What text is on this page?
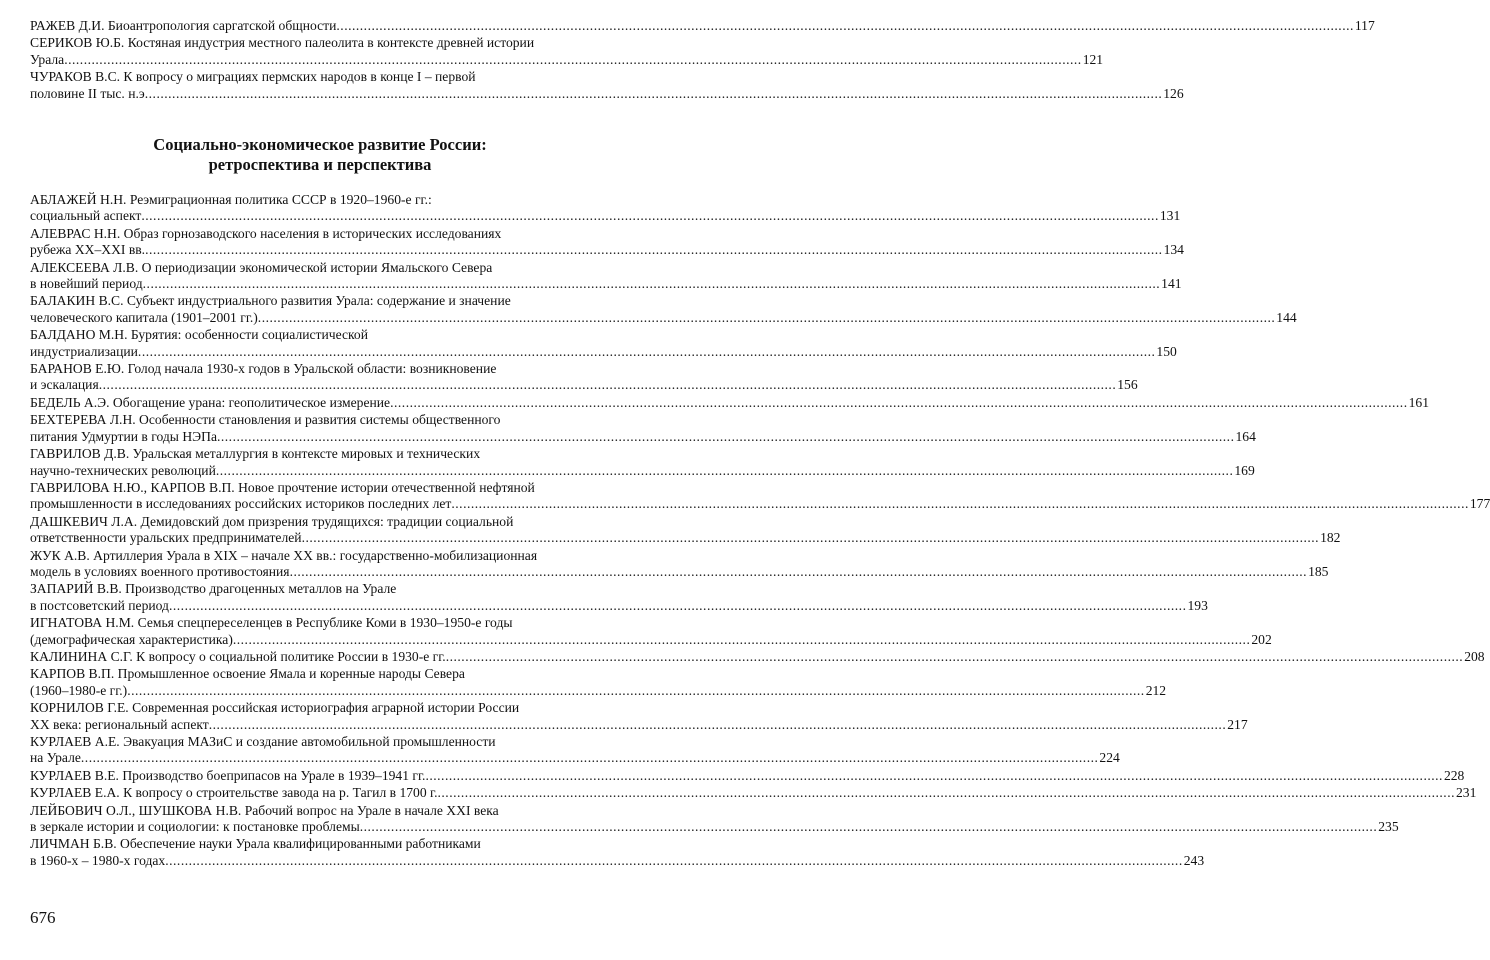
РАЖЕВ Д.И. Биоантропология саргатской общности .....	117
СЕРИКОВ Ю.Б. Костяная индустрия местного палеолита в контексте древней истории
Урала .....	121
ЧУРАКОВ В.С. К вопросу о миграциях пермских народов в конце I – первой
половине II тыс. н.э .....	126
Социально-экономическое развитие России:
ретроспектива и перспектива
АБЛАЖЕЙ Н.Н. Реэмиграционная политика СССР в 1920–1960-е гг.:
социальный аспект .....	131
АЛЕВРАС Н.Н. Образ горнозаводского населения в исторических исследованиях
рубежа XX–XXI вв. .....	134
АЛЕКСЕЕВА Л.В. О периодизации экономической истории Ямальского Севера
в новейший период .....	141
БАЛАКИН В.С. Субъект индустриального развития Урала: содержание и значение
человеческого капитала (1901–2001 гг.) .....	144
БАЛДАНО М.Н. Бурятия: особенности социалистической
индустриализации .....	150
БАРАНОВ Е.Ю. Голод начала 1930-х годов в Уральской области: возникновение
и эскалация .....	156
БЕДЕЛЬ А.Э. Обогащение урана: геополитическое измерение .....	161
БЕХТЕРЕВА Л.Н. Особенности становления и развития системы общественного
питания Удмуртии в годы НЭПа .....	164
ГАВРИЛОВ Д.В. Уральская металлургия в контексте мировых и технических
научно-технических революций .....	169
ГАВРИЛОВА Н.Ю., КАРПОВ В.П. Новое прочтение истории отечественной нефтяной
промышленности в исследованиях российских историков последних лет .....	177
ДАШКЕВИЧ Л.А. Демидовский дом призрения трудящихся: традиции социальной
ответственности уральских предпринимателей .....	182
ЖУК А.В. Артиллерия Урала в XIX – начале XX вв.: государственно-мобилизационная
модель в условиях военного противостояния .....	185
ЗАПАРИЙ В.В. Производство драгоценных металлов на Урале
в постсоветский период .....	193
ИГНАТОВА Н.М. Семья спецпереселенцев в Республике Коми в 1930–1950-е годы
(демографическая характеристика) .....	202
КАЛИНИНА С.Г. К вопросу о социальной политике России в 1930-е гг. .....	208
КАРПОВ В.П. Промышленное освоение Ямала и коренные народы Севера
(1960–1980-е гг.) .....	212
КОРНИЛОВ Г.Е. Современная российская историография аграрной истории России
XX века: региональный аспект .....	217
КУРЛАЕВ А.Е. Эвакуация МАЗиС и создание автомобильной промышленности
на Урале .....	224
КУРЛАЕВ В.Е. Производство боеприпасов на Урале в 1939–1941 гг. .....	228
КУРЛАЕВ Е.А. К вопросу о строительстве завода на р. Тагил в 1700 г. .....	231
ЛЕЙБОВИЧ О.Л., ШУШКОВА Н.В. Рабочий вопрос на Урале в начале XXI века
в зеркале истории и социологии: к постановке проблемы .....	235
ЛИЧМАН Б.В. Обеспечение науки Урала квалифицированными работниками
в 1960-х – 1980-х годах .....	243
676
